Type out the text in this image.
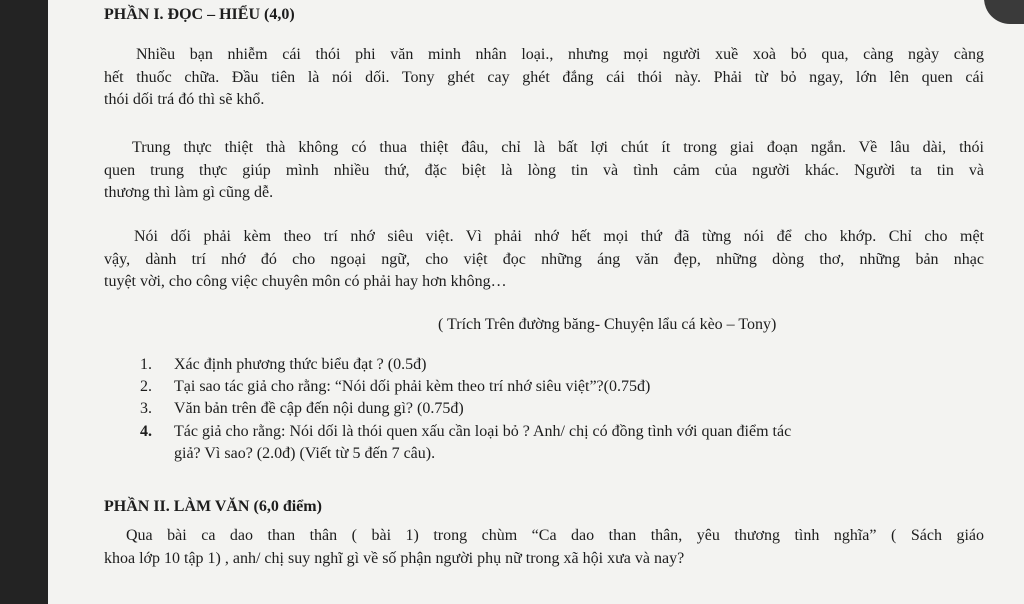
PHẦN I. ĐỌC – HIỂU (4,0)
Nhiều bạn nhiễm cái thói phi văn minh nhân loại., nhưng mọi người xuề xoà bỏ qua, càng ngày càng
hết thuốc chữa. Đầu tiên là nói dối. Tony ghét cay ghét đắng cái thói này. Phải từ bỏ ngay, lớn lên quen cái
thói dối trá đó thì sẽ khổ.
Trung thực thiệt thà không có thua thiệt đâu, chỉ là bất lợi chút ít trong giai đoạn ngắn. Về lâu dài, thói
quen trung thực giúp mình nhiều thứ, đặc biệt là lòng tin và tình cảm của người khác. Người ta tin và
thương thì làm gì cũng dễ.
Nói dối phải kèm theo trí nhớ siêu việt. Vì phải nhớ hết mọi thứ đã từng nói để cho khớp. Chỉ cho mệt
vậy, dành trí nhớ đó cho ngoại ngữ, cho việt đọc những áng văn đẹp, những dòng thơ, những bản nhạc
tuyệt vời, cho công việc chuyên môn có phải hay hơn không…
( Trích Trên đường băng- Chuyện lẩu cá kèo – Tony)
1.	Xác định phương thức biểu đạt ? (0.5đ)
2.	Tại sao tác giả cho rằng: “Nói dối phải kèm theo trí nhớ siêu việt”?(0.75đ)
3.	Văn bản trên đề cập đến nội dung gì? (0.75đ)
4.	Tác giả cho rằng: Nói dối là thói quen xấu cần loại bỏ ? Anh/ chị có đồng tình với quan điểm tác
giả? Vì sao? (2.0đ) (Viết từ 5 đến 7 câu).
PHẦN II. LÀM VĂN (6,0 điểm)
Qua bài ca dao than thân ( bài 1) trong chùm “Ca dao than thân, yêu thương tình nghĩa” ( Sách giáo
khoa lớp 10 tập 1) , anh/ chị suy nghĩ gì về số phận người phụ nữ trong xã hội xưa và nay?
